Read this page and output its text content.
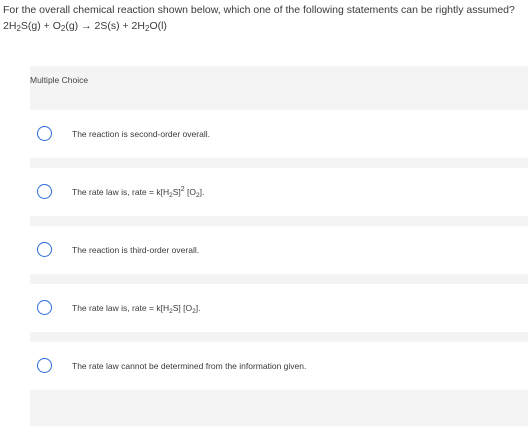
For the overall chemical reaction shown below, which one of the following statements can be rightly assumed?
$2H_2S(g) + O_2(g) \to 2S(s) + 2H_2O(l)$
Multiple Choice
The reaction is second-order overall.
The rate law is, rate = $k[H_2S]^2$ $[O_2]$.
The reaction is third-order overall.
The rate law is, rate = $k[H_2S]$ $[O_2]$.
The rate law cannot be determined from the information given.
